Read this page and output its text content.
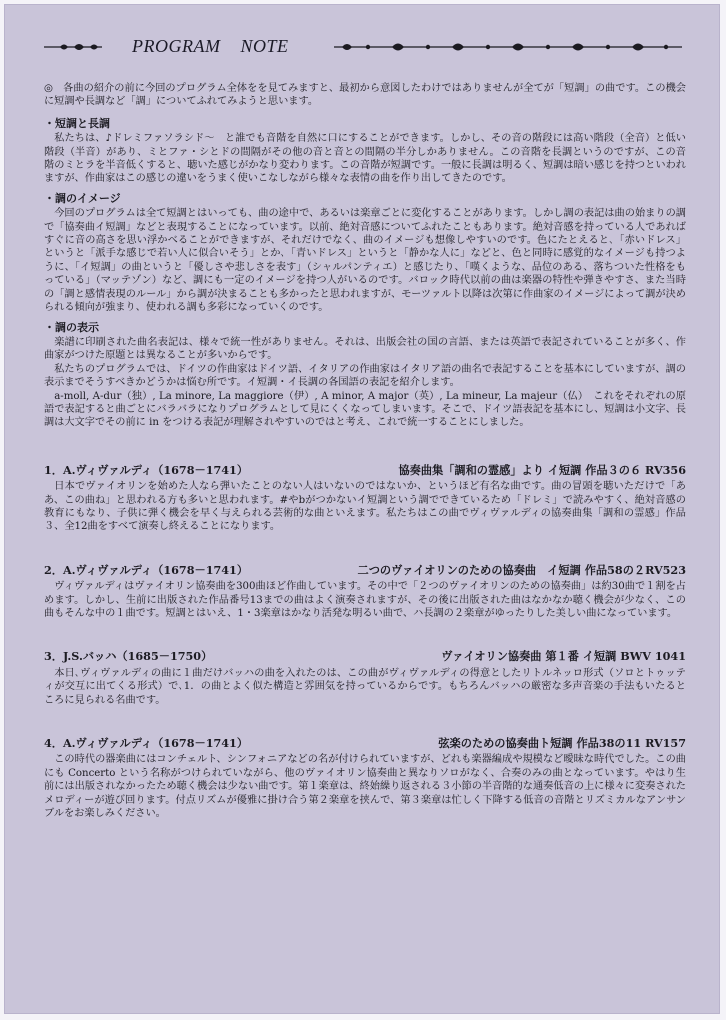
PROGRAM    NOTE

◎　各曲の紹介の前に今回のプログラム全体をを見てみますと、最初から意図したわけではありませんが全てが「短調」の曲です。この機会に短調や長調など「調」についてふれてみようと思います。

・短調と長調

私たちは、♪ドレミファソラシド〜　と誰でも音階を自然に口にすることができます。しかし、その音の階段には高い階段（全音）と低い階段（半音）があり、ミとファ・シとドの間隔がその他の音と音との間隔の半分しかありません。この音階を長調というのですが、この音階のミとラを半音低くすると、聴いた感じがかなり変わります。この音階が短調です。一般に長調は明るく、短調は暗い感じを持つといわれますが、作曲家はこの感じの違いをうまく使いこなしながら様々な表情の曲を作り出してきたのです。

・調のイメージ

今回のプログラムは全て短調とはいっても、曲の途中で、あるいは楽章ごとに変化することがあります。しかし調の表記は曲の始まりの調で「協奏曲イ短調」などと表現することになっています。以前、絶対音感についてふれたこともあります。絶対音感を持っている人であればすぐに音の高さを思い浮かべることができますが、それだけでなく、曲のイメージも想像しやすいのです。色にたとえると､「赤いドレス」というと「派手な感じで若い人に似合いそう」とか､「青いドレス」というと「静かな人に」などと、色と同時に感覚的なイメージも持つように、「イ短調」の曲というと「優しさや悲しさを表す」（シャルパンティエ）と感じたり、「嘆くような、品位のある、落ちついた性格をもっている」（マッテゾン）など、調にも一定のイメージを持つ人がいるのです。バロック時代以前の曲は楽器の特性や弾きやすさ、また当時の「調と感情表現のルール」から調が決まることも多かったと思われますが、モーツァルト以降は次第に作曲家のイメージによって調が決められる傾向が強まり、使われる調も多彩になっていくのです。

・調の表示

楽譜に印刷された曲名表記は、様々で統一性がありません。それは、出版会社の国の言語、または英語で表記されていることが多く、作曲家がつけた原題とは異なることが多いからです。

私たちのプログラムでは、ドイツの作曲家はドイツ語、イタリアの作曲家はイタリア語の曲名で表記することを基本にしていますが、調の表示までそうすべきかどうかは悩む所です。イ短調・イ長調の各国語の表記を紹介します。

a-moll, A-dur（独）, La minore, La maggiore（伊）, A minor, A major（英）, La mineur, La majeur（仏）　これをそれぞれの原語で表記すると曲ごとにバラバラになりプログラムとして見にくくなってしまいます。そこで、ドイツ語表記を基本にし、短調は小文字、長調は大文字でその前に in をつける表記が理解されやすいのではと考え、これで統一することにしました。

1．A.ヴィヴァルディ（1678－1741）	協奏曲集「調和の霊感」より イ短調 作品３の６ RV356

日本でヴァイオリンを始めた人なら弾いたことのない人はいないのではないか、というほど有名な曲です。曲の冒頭を聴いただけで「ああ、この曲ね」と思われる方も多いと思われます。#やbがつかないイ短調という調でできているため「ドレミ」で読みやすく、絶対音感の教育にもなり、子供に弾く機会を早く与えられる芸術的な曲といえます。私たちはこの曲でヴィヴァルディの協奏曲集「調和の霊感」作品３、全12曲をすべて演奏し終えることになります。

2．A.ヴィヴァルディ（1678－1741）	二つのヴァイオリンのための協奏曲　イ短調 作品58の２RV523

ヴィヴァルディはヴァイオリン協奏曲を300曲ほど作曲しています。その中で「２つのヴァイオリンのための協奏曲」は約30曲で１割を占めます。しかし、生前に出版された作品番号13までの曲はよく演奏されますが、その後に出版された曲はなかなか聴く機会が少なく、この曲もそんな中の１曲です。短調とはいえ、1・3楽章はかなり活発な明るい曲で、ハ長調の２楽章がゆったりした美しい曲になっています。

3．J.S.バッハ（1685－1750）	ヴァイオリン協奏曲 第１番 イ短調 BWV 1041

本日､ヴィヴァルディの曲に１曲だけバッハの曲を入れたのは、この曲がヴィヴァルディの得意としたリトルネッロ形式（ソロとトゥッティが交互に出てくる形式）で､1．の曲とよく似た構造と雰囲気を持っているからです。もちろんバッハの厳密な多声音楽の手法もいたるところに見られる名曲です。

4．A.ヴィヴァルディ（1678－1741）	弦楽のための協奏曲ト短調 作品38の11 RV157

この時代の器楽曲にはコンチェルト、シンフォニアなどの名が付けられていますが、どれも楽器編成や規模など曖昧な時代でした。この曲にも Concerto という名称がつけられていながら、他のヴァイオリン協奏曲と異なりソロがなく、合奏のみの曲となっています。やはり生前には出版されなかったため聴く機会は少ない曲です。第１楽章は、終始繰り返される３小節の半音階的な通奏低音の上に様々に変奏されたメロディーが遊び回ります。付点リズムが優雅に掛け合う第２楽章を挟んで、第３楽章は忙しく下降する低音の音階とリズミカルなアンサンブルをお楽しみください。
